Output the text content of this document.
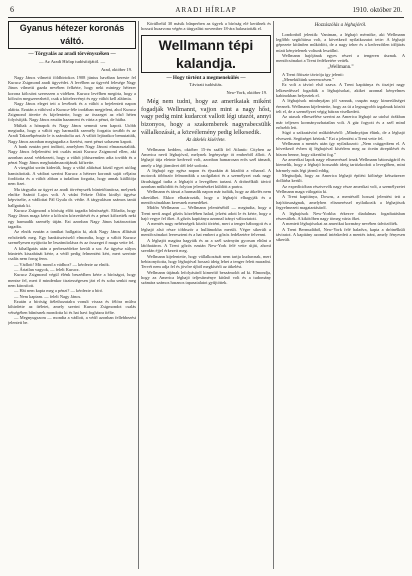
6	ARADI HÍRLAP	1910. október 20.
Gyanus hétezer koronás váltó.
— Törgyalás az aradi törvényszéken —
— Az Aradi Hírlap tudósítójától. —
Arad, október 19.

Nagy János vilmetti földbirtokos 1908 június havában kereste fel Kurucz Zsigmond aradi ügyvédet. A levélben az ügyvéd felesége Nagy János vilmetti gazda nevében felkérte, hogy neki mintegy hétezer korona kölcsönt szerezzen a vidéken. Kurucz levélben megírta, hogy a kölcsön megszerezhető, csak a kötelezvényt és egy váltót kell aláírnia.

Nagy János eleget tett a levélnek és a váltót a bejelentett napon aláírta. Ezután a váltóval a Kurucz-féle irodában megjelent, ahol Kurucz Zsigmond átvette és kijelentette, hogy az összeget az első héten folyósítják. Nagy János ezután hazament és várta a pénzt, de hiába.

Múltak a hónapok és Nagy János semmit sem kapott. Utóbb megtudta, hogy a váltót egy harmadik személy forgatta tovább és az Aradi Takarékpénztár le is számítolta azt. A váltót lejáratkor bemutatták, Nagy János azonban megtagadta a fizetést, mert pénzt sohasem kapott.

A bank ezután pert indított, amelyben Nagy Jánost elmarasztalták. Nagy János feljelentést tett csalás miatt Kurucz Zsigmond ellen, aki azonban azzal védekezett, hogy a váltót jóhiszeműen adta tovább és a pénzt Nagy János meghatalmazottjának kifizette.

A vizsgálat során kiderült, hogy a váltó aláírásai közül egyet utólag hamisítottak. A vádirat szerint Kurucz a hétezer koronát saját céljaira fordította és a váltót abban a tudatban forgatta, hogy annak kiállítója nem fizet.

Ma tárgyalta az ügyet az aradi törvényszék büntetőtanácsa, melynek elnöke Szántó Lajos volt. A vádat Fekete Ödön királyi ügyész képviselte, a vádlottat Pál Gyula dr. védte. A tárgyaláson számos tanút hallgattak ki.

Kurucz Zsigmond a bíróság előtt tagadta bűnösségét. Előadta, hogy Nagy János maga kérte a kölcsön közvetítését és a pénzt kifizették neki egy harmadik személy útján. Ezt azonban Nagy János határozottan tagadta.

Az elnök ezután a tanúkat hallgatta ki, akik Nagy János állítását erősítették meg. Egy banktisztviselő elmondta, hogy a váltót Kurucz személyesen nyújtotta be leszámítolásra és az összeget ő maga vette fel.

A kihallgatás után a perbeszédekre került a sor. Az ügyész súlyos büntetés kiszabását kérte, a védő pedig felmentést kért, mert szerinte csalás nem forog fenn.

— Vádlott! Mit mond a vádhoz? — kérdezte az elnök.

— Ártatlan vagyok, — felelt Kurucz.

Kurucz Zsigmond végül élénk beszédben kérte a bíróságot, hogy mentse fel, mert ő mindenkor tisztességesen járt el és soha senkit meg nem károsított.

— Hát nem kapta meg a pénzt? — kérdezte a bíró.

— Nem kaptam. — felelt Nagy János.

Ezután a bíróság ítélethozatalra vonult vissza és félóra múlva kihirdette az ítéletet, amely szerint Kurucz Zsigmondot csalás vétségében bűnösnek mondotta ki és hat havi fogházra ítélte.

— Megnyugszom — mondta a vádlott, a védő azonban fellebbezést jelentett be.

Körülbelül 30 másik bűnperben az ügyek a bíróság elé kerülnek és hosszú huzavona végén a tárgyalást november 18-ára halasztották el.

Wellmann tépi kalandja.
— Hogy történt a megmenekülés —
Távirati tudósítás.
New-York, október 19.

Még nem tudni, hogy az amerikaiak miként fogadják Wellmannt, vajjon mint a nagy hőst, vagy pedig mint kudarcot vallott légi utazót, annyi bizonyos, hogy a szakemberek nagyrabecsülik vállalkozását, a közvélemény pedig lelkesedik.

Az átkelés kísérlete.

Wellmann kedden, október 15-én szállt fel Atlantic Cityben az America nevű léghajóval, melynek legénysége öt emberből állott. A léghajó útja eleinte kedvező volt, azonban hamarosan erős szél támadt, amely a légi járművet dél felé sodorta.

A léghajó egy egész napon és éjszakán át küzdött a viharral. A motorok többször felmondták a szolgálatot és a személyzet csak nagy fáradsággal tudta a léghajót a levegőben tartani. A drótnélküli táviró azonban működött és folyton jelentéseket küldött a partra.

Wellmann és társai a harmadik napon már tudták, hogy az átkelés nem sikerülhet. Ekkor elhatározták, hogy a léghajót elhagyják és a mentőcsónakban keresnek menedéket.

Midőn Wellmann — Wellmann jelentéséből — megtudta, hogy a Trent nevű angol gőzös közelében halad, jelzést adott le és kérte, hogy a hajó vegye fel őket. A gőzös kapitánya azonnal irányt változtatott.

A mentés nagy nehézségek között történt, mert a tenger háborgott és a léghajó alsó része többször a hullámokba merült. Végre sikerült a mentőcsónakot leereszteni és a hat embert a gőzös fedélzetére felvenni.

A léghajót magára hagyták és az a szél szárnyán gyorsan eltűnt a látóhatáron. A Trent gőzös ezután New-York felé vette útját, ahová szerdán éjjel érkezett meg.

Wellmann kijelentette, hogy vállalkozását nem tartja kudarcnak, mert bebizonyította, hogy léghajóval hosszú ideig lehet a tenger felett maradni. Tervét nem adja fel és jövőre újból megkísérli az átkelést.

Wellmann útjának lefolyásáról kimerítő beszámolót ad ki. Elmondja, hogy az America léghajó teljesítménye kitűnő volt és a tudomány számára számos hasznos tapasztalatot gyűjtöttek.

Hozzászólás a léghajóról.

Londonból jelentik: Vaniman, a léghajó mérnöke, aki Wellmann legfőbb segítőtársa volt, a következő nyilatkozatot tette: A léghajó gépezete kitűnően működött, de a nagy teher és a kedvezőtlen időjárás miatt kénytelenek voltunk leszállni.

Wellmann hajójának egyes részei a tengeren úsznak. A mentőcsónakot a Trent fedélzetére vették.

„Wellmann.”

A Trent főtiszte távirója így jelenti:

„Menekültünk szerencsésen.”

Ez volt a táviró első szava. A Trent kapitánya és tisztjei nagy lelkesedéssel fogadták a léghajósokat, akiket azonnal kényelmes kabinokban helyeztek el.

A léghajósok mindnyájan jól vannak, csupán nagy kimerültséget éreznek. Wellmann kijelentette, hogy az út a legnagyobb izgalmak között telt el, de a személyzet végig bátran viselkedett.

Az utasok elbeszélése szerint az America léghajó az utolsó órákban már teljesen kormányozhatatlan volt. A gáz fogyott és a szél mind erősebb lett.

Súgó a szikratávíró működéséről: „Mindnyájan élünk, de a léghajó elveszett. Segítséget kérünk.” Ezt a jelentést a Trent vette fel.

Wellmann a mentés után így nyilatkozott: „Nem csüggedtem el. A következő évben új léghajóval kísérlem meg az óceán átrepülését és bízom benne, hogy sikerülni fog.”

Az amerikai lapok nagy elismeréssel írnak Wellmann bátorságáról és kiemelik, hogy a léghajó hosszabb ideig tartózkodott a levegőben, mint bármely más légi jármű eddig.

Megtudjuk, hogy az America léghajó építési költsége kétszázezer dollárba került.

Az expedícióban résztvevők nagy része amerikai volt, a személyzetet Wellmann maga válogatta ki.

A Trent kapitánya, Downs, a mentésről hosszú jelentést tett a hajótársaságnak, amelyben elismeréssel nyilatkozik a léghajósok fegyelmezett magatartásáról.

A léghajósok New-Yorkba érkezve diadalmas fogadtatásban részesültek. A kikötőben nagy tömeg várta őket.

A mentett léghajósokat az amerikai kormány nevében üdvözölték.

A Trent Bermudából, New-York felé haladva, kapta a drótnélküli táviratot. A kapitány azonnal intézkedett a mentés iránt, amely fényesen sikerült.
